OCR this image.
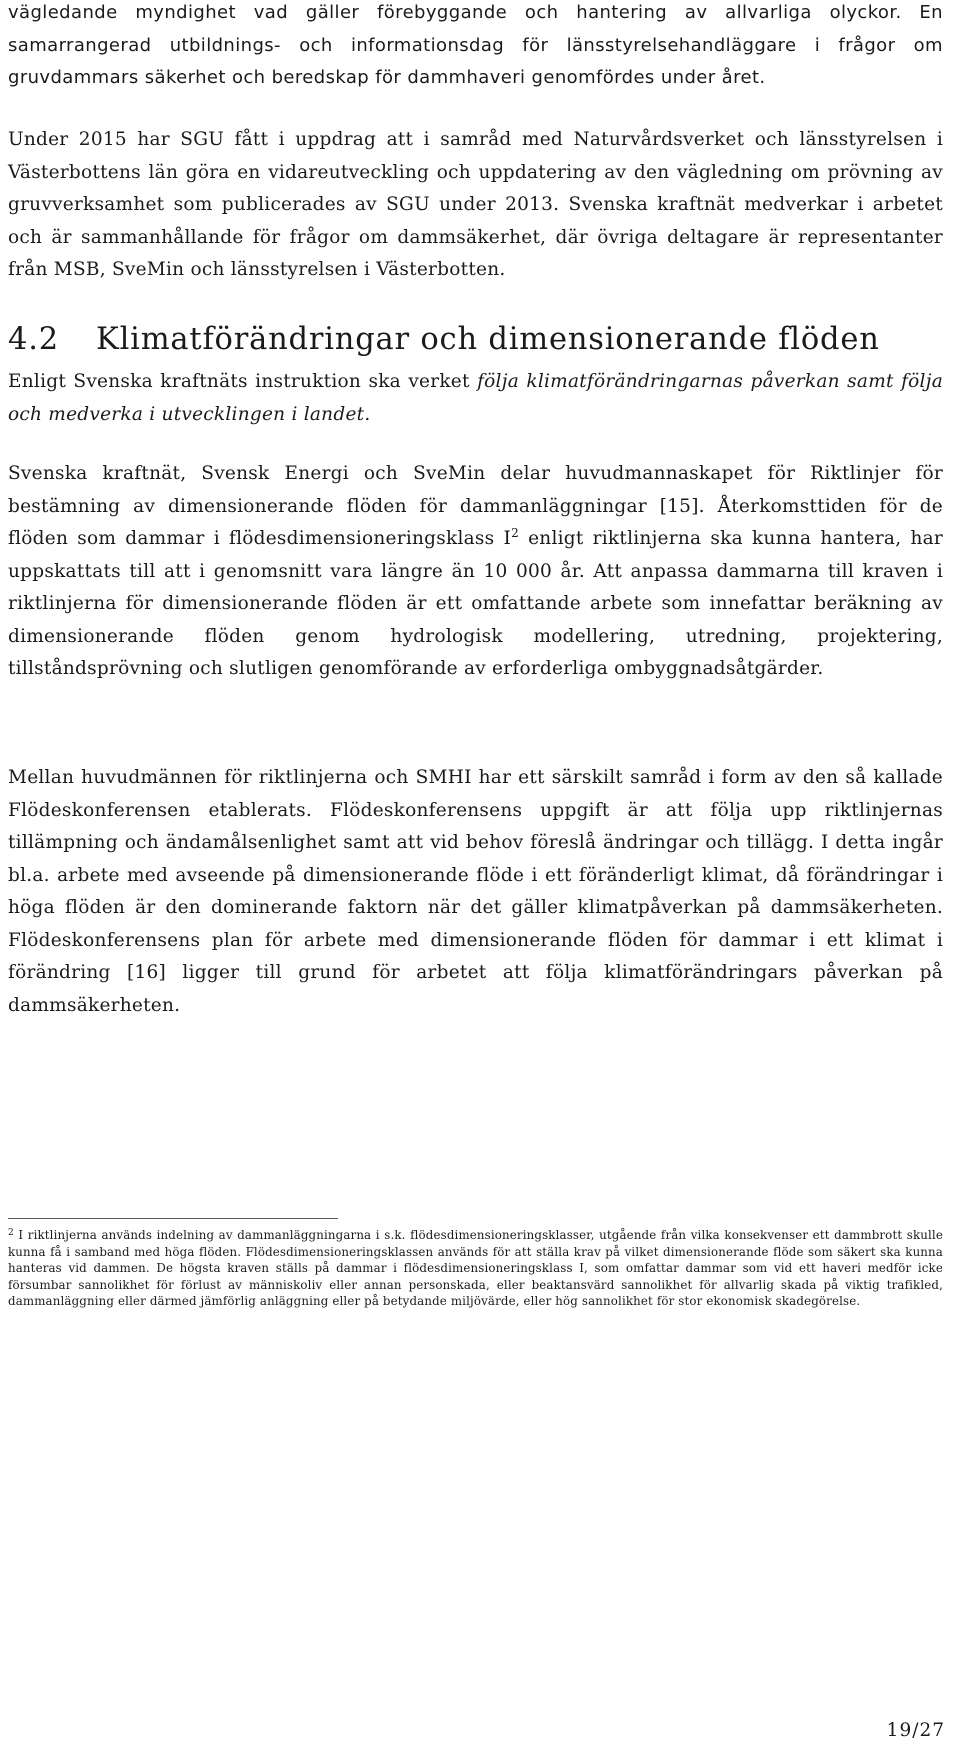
vägledande myndighet vad gäller förebyggande och hantering av allvarliga olyckor. En samarrangerad utbildnings- och informationsdag för länsstyrelsehandläggare i frågor om gruvdammars säkerhet och beredskap för dammhaveri genomfördes under året.

Under 2015 har SGU fått i uppdrag att i samråd med Naturvårdsverket och länsstyrelsen i Västerbottens län göra en vidareutveckling och uppdatering av den vägledning om prövning av gruvverksamhet som publicerades av SGU under 2013. Svenska kraftnät medverkar i arbetet och är sammanhållande för frågor om dammsäkerhet, där övriga deltagare är representanter från MSB, SveMin och länsstyrelsen i Västerbotten.

4.2 Klimatförändringar och dimensionerande flöden

Enligt Svenska kraftnäts instruktion ska verket följa klimatförändringarnas påverkan samt följa och medverka i utvecklingen i landet.

Svenska kraftnät, Svensk Energi och SveMin delar huvudmannaskapet för Riktlinjer för bestämning av dimensionerande flöden för dammanläggningar [15]. Återkomsttiden för de flöden som dammar i flödesdimensioneringsklass $I^2$ enligt riktlinjerna ska kunna hantera, har uppskattats till att i genomsnitt vara längre än 10 000 år. Att anpassa dammarna till kraven i riktlinjerna för dimensionerande flöden är ett omfattande arbete som innefattar beräkning av dimensionerande flöden genom hydrologisk modellering, utredning, projektering, tillståndsprövning och slutligen genomförande av erforderliga ombyggnadsåtgärder.

Mellan huvudmännen för riktlinjerna och SMHI har ett särskilt samråd i form av den så kallade Flödeskonferensen etablerats. Flödeskonferensens uppgift är att följa upp riktlinjernas tillämpning och ändamålsenlighet samt att vid behov föreslå ändringar och tillägg. I detta ingår bl.a. arbete med avseende på dimensionerande flöde i ett föränderligt klimat, då förändringar i höga flöden är den dominerande faktorn när det gäller klimatpåverkan på dammsäkerheten. Flödeskonferensens plan för arbete med dimensionerande flöden för dammar i ett klimat i förändring [16] ligger till grund för arbetet att följa klimatförändringars påverkan på dammsäkerheten.

$^2$ I riktlinjerna används indelning av dammanläggningarna i s.k. flödesdimensioneringsklasser, utgående från vilka konsekvenser ett dammbrott skulle kunna få i samband med höga flöden. Flödesdimensioneringsklassen används för att ställa krav på vilket dimensionerande flöde som säkert ska kunna hanteras vid dammen. De högsta kraven ställs på dammar i flödesdimensioneringsklass I, som omfattar dammar som vid ett haveri medför icke försumbar sannolikhet för förlust av människoliv eller annan personskada, eller beaktansvärd sannolikhet för allvarlig skada på viktig trafikled, dammanläggning eller därmed jämförlig anläggning eller på betydande miljövärde, eller hög sannolikhet för stor ekonomisk skadegörelse.

19/27
